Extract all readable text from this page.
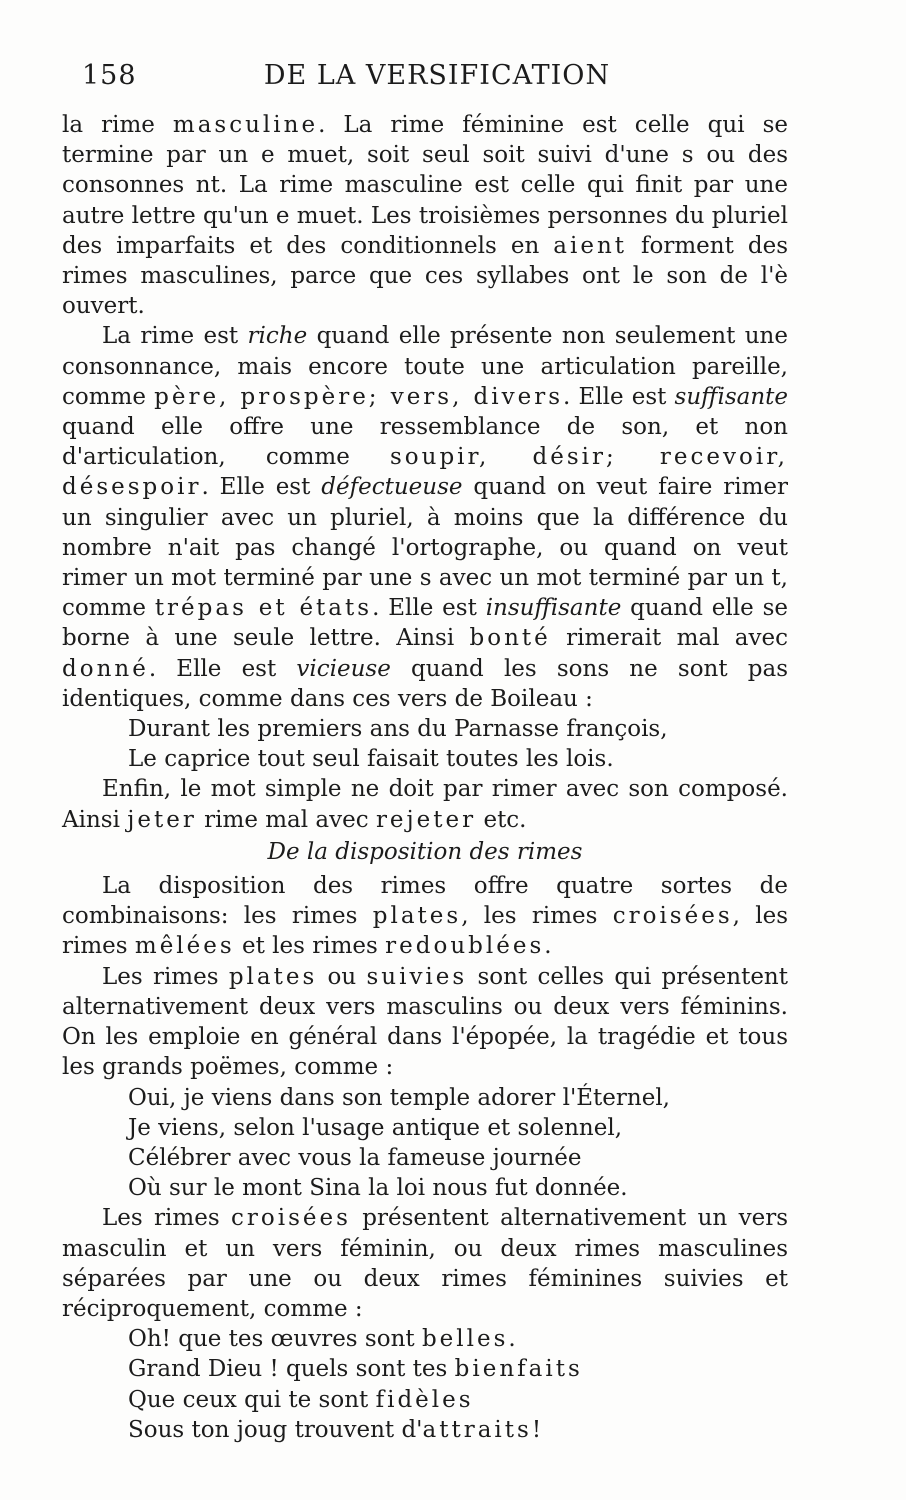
158	DE LA VERSIFICATION

la rime masculine. La rime féminine est celle qui se termine par un e muet, soit seul soit suivi d'une s ou des consonnes nt. La rime masculine est celle qui finit par une autre lettre qu'un e muet. Les troisièmes personnes du pluriel des imparfaits et des conditionnels en aient forment des rimes masculines, parce que ces syllabes ont le son de l'è ouvert.

La rime est riche quand elle présente non seulement une consonnance, mais encore toute une articulation pareille, comme père, prospère; vers, divers. Elle est suffisante quand elle offre une ressemblance de son, et non d'articulation, comme soupir, désir; recevoir, désespoir. Elle est défectueuse quand on veut faire rimer un singulier avec un pluriel, à moins que la différence du nombre n'ait pas changé l'ortographe, ou quand on veut rimer un mot terminé par une s avec un mot terminé par un t, comme trépas et états. Elle est insuffisante quand elle se borne à une seule lettre. Ainsi bonté rimerait mal avec donné. Elle est vicieuse quand les sons ne sont pas identiques, comme dans ces vers de Boileau :

Durant les premiers ans du Parnasse françois,
Le caprice tout seul faisait toutes les lois.

Enfin, le mot simple ne doit par rimer avec son composé. Ainsi jeter rime mal avec rejeter etc.

De la disposition des rimes

La disposition des rimes offre quatre sortes de combinaisons: les rimes plates, les rimes croisées, les rimes mêlées et les rimes redoublées.

Les rimes plates ou suivies sont celles qui présentent alternativement deux vers masculins ou deux vers féminins. On les emploie en général dans l'épopée, la tragédie et tous les grands poëmes, comme :

Oui, je viens dans son temple adorer l'Éternel,
Je viens, selon l'usage antique et solennel,
Célébrer avec vous la fameuse journée
Où sur le mont Sina la loi nous fut donnée.

Les rimes croisées présentent alternativement un vers masculin et un vers féminin, ou deux rimes masculines séparées par une ou deux rimes féminines suivies et réciproquement, comme :

Oh! que tes œuvres sont belles.
Grand Dieu ! quels sont tes bienfaits
Que ceux qui te sont fidèles
Sous ton joug trouvent d'attraits!
